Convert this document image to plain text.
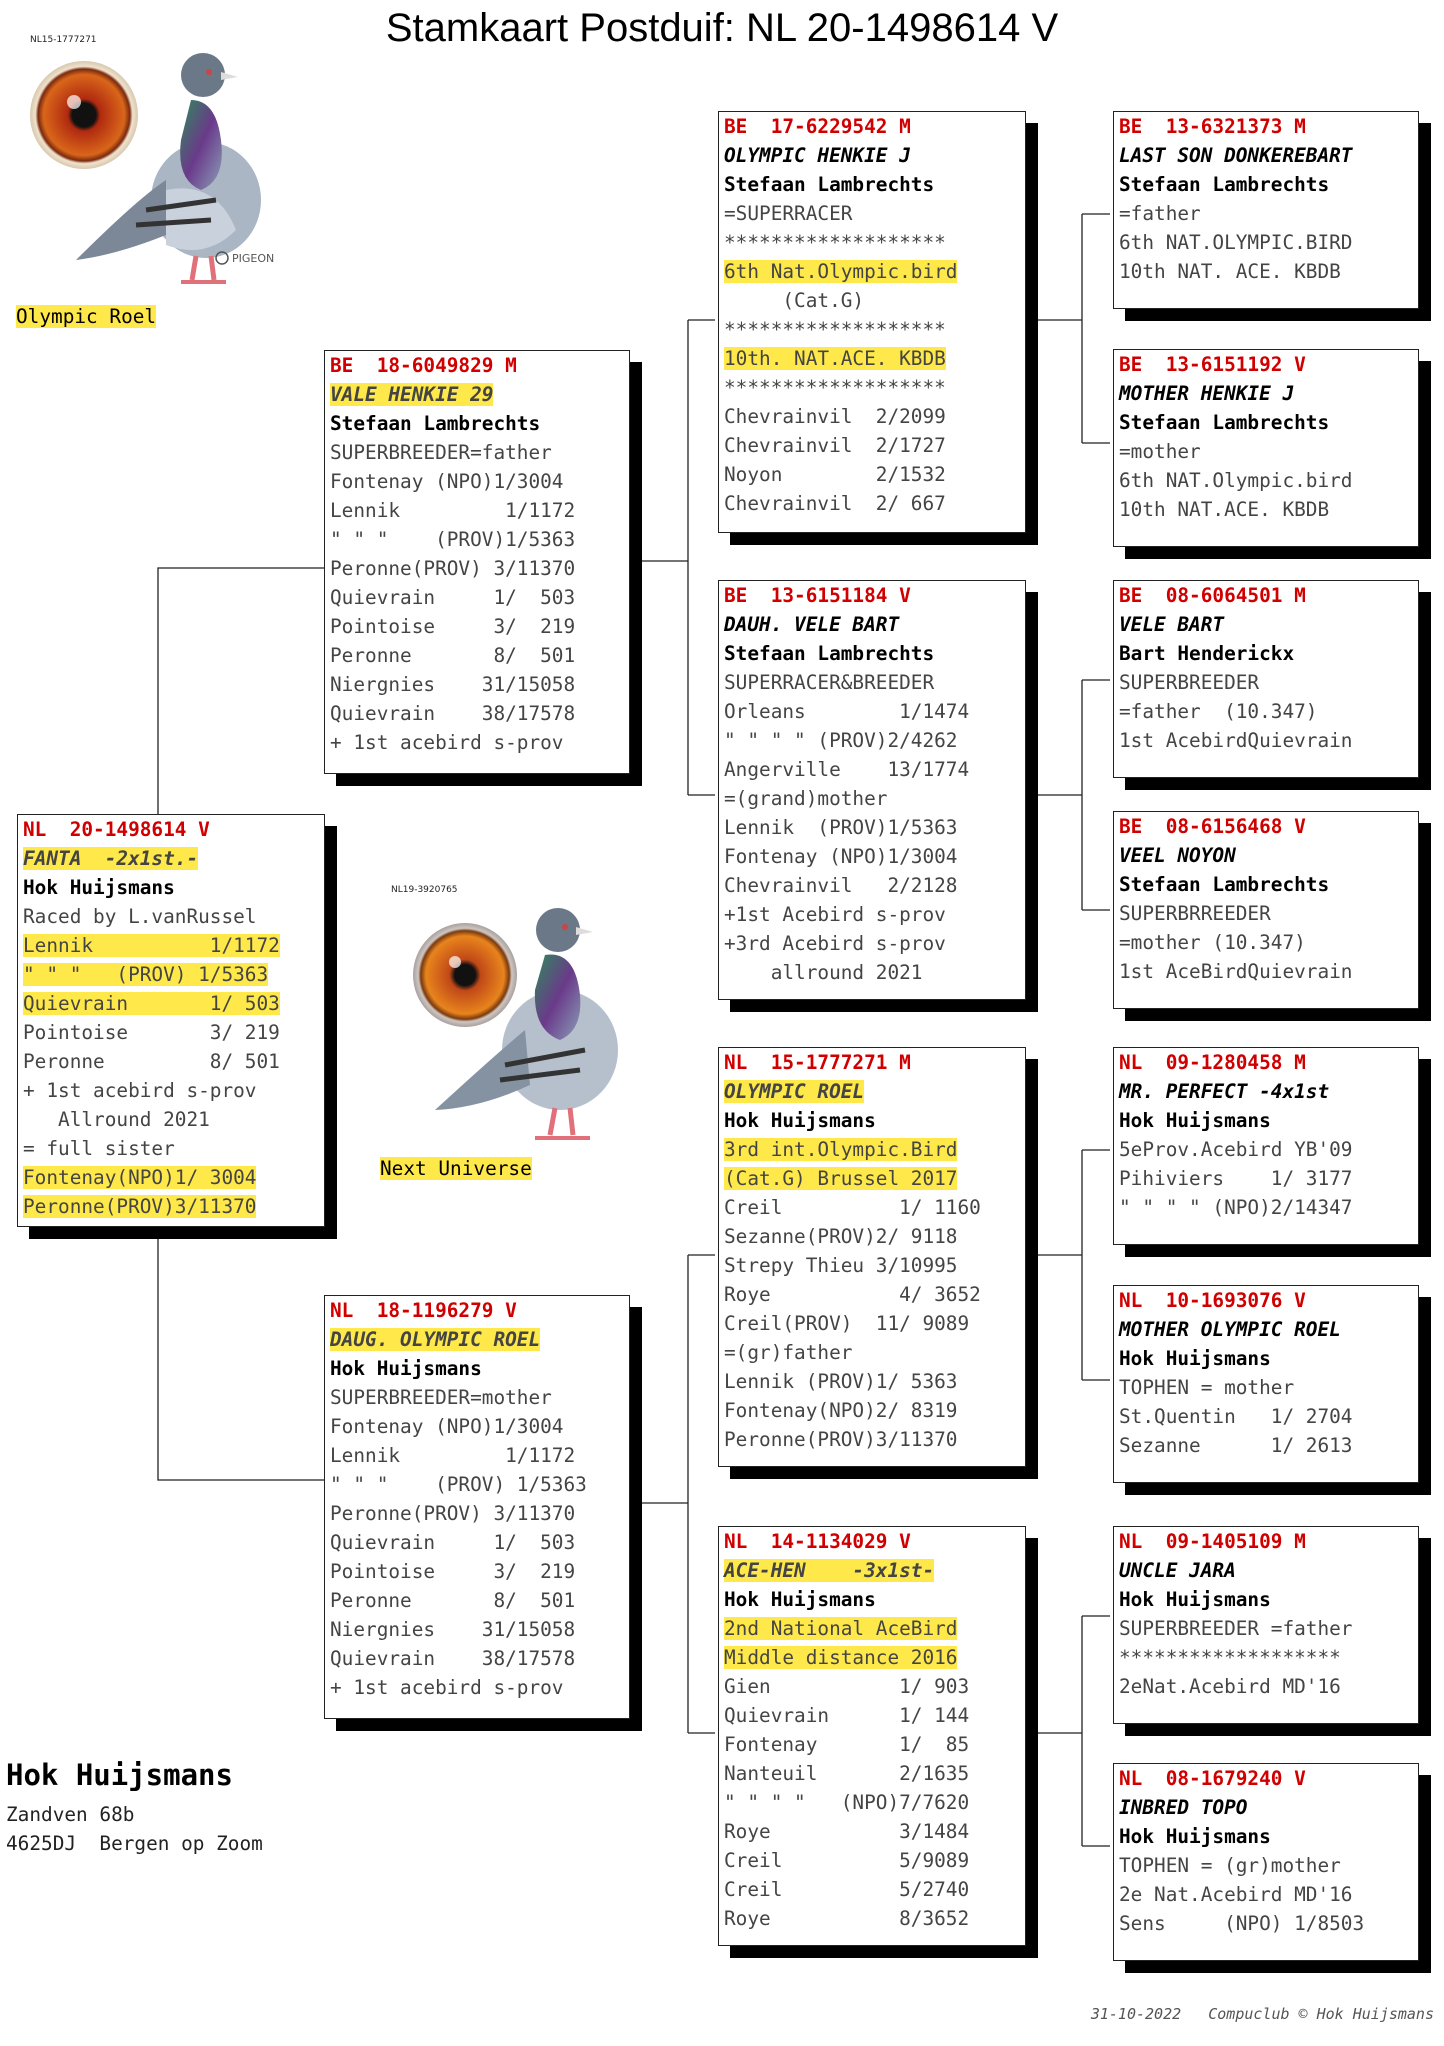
Stamkaart Postduif: NL 20-1498614 V
PIGEON
NL15-1777271
Olympic Roel
NL19-3920765
Next Universe
NL  20-1498614 V
FANTA  -2x1st.-
Hok Huijsmans
Raced by L.vanRussel
Lennik          1/1172
" " "   (PROV) 1/5363
Quievrain       1/ 503
Pointoise       3/ 219
Peronne         8/ 501
+ 1st acebird s-prov
Allround 2021
= full sister
Fontenay(NPO)1/ 3004
Peronne(PROV)3/11370
BE  18-6049829 M
VALE HENKIE 29
Stefaan Lambrechts
SUPERBREEDER=father
Fontenay (NPO)1/3004
Lennik         1/1172
" " "    (PROV)1/5363
Peronne(PROV) 3/11370
Quievrain     1/  503
Pointoise     3/  219
Peronne       8/  501
Niergnies    31/15058
Quievrain    38/17578
+ 1st acebird s-prov
NL  18-1196279 V
DAUG. OLYMPIC ROEL
Hok Huijsmans
SUPERBREEDER=mother
Fontenay (NPO)1/3004
Lennik         1/1172
" " "    (PROV) 1/5363
Peronne(PROV) 3/11370
Quievrain     1/  503
Pointoise     3/  219
Peronne       8/  501
Niergnies    31/15058
Quievrain    38/17578
+ 1st acebird s-prov
BE  17-6229542 M
OLYMPIC HENKIE J
Stefaan Lambrechts
=SUPERRACER
*******************
6th Nat.Olympic.bird
(Cat.G)
*******************
10th. NAT.ACE. KBDB
*******************
Chevrainvil  2/2099
Chevrainvil  2/1727
Noyon        2/1532
Chevrainvil  2/ 667
BE  13-6151184 V
DAUH. VELE BART
Stefaan Lambrechts
SUPERRACER&BREEDER
Orleans        1/1474
" " " " (PROV)2/4262
Angerville    13/1774
=(grand)mother
Lennik  (PROV)1/5363
Fontenay (NPO)1/3004
Chevrainvil   2/2128
+1st Acebird s-prov
+3rd Acebird s-prov
allround 2021
NL  15-1777271 M
OLYMPIC ROEL
Hok Huijsmans
3rd int.Olympic.Bird
(Cat.G) Brussel 2017
Creil          1/ 1160
Sezanne(PROV)2/ 9118
Strepy Thieu 3/10995
Roye           4/ 3652
Creil(PROV)  11/ 9089
=(gr)father
Lennik (PROV)1/ 5363
Fontenay(NPO)2/ 8319
Peronne(PROV)3/11370
NL  14-1134029 V
ACE-HEN    -3x1st-
Hok Huijsmans
2nd National AceBird
Middle distance 2016
Gien           1/ 903
Quievrain      1/ 144
Fontenay       1/  85
Nanteuil       2/1635
" " " "   (NPO)7/7620
Roye           3/1484
Creil          5/9089
Creil          5/2740
Roye           8/3652
BE  13-6321373 M
LAST SON DONKEREBART
Stefaan Lambrechts
=father
6th NAT.OLYMPIC.BIRD
10th NAT. ACE. KBDB
BE  13-6151192 V
MOTHER HENKIE J
Stefaan Lambrechts
=mother
6th NAT.Olympic.bird
10th NAT.ACE. KBDB
BE  08-6064501 M
VELE BART
Bart Henderickx
SUPERBREEDER
=father  (10.347)
1st AcebirdQuievrain
BE  08-6156468 V
VEEL NOYON
Stefaan Lambrechts
SUPERBRREEDER
=mother (10.347)
1st AceBirdQuievrain
NL  09-1280458 M
MR. PERFECT -4x1st
Hok Huijsmans
5eProv.Acebird YB'09
Pihiviers    1/ 3177
" " " " (NPO)2/14347
NL  10-1693076 V
MOTHER OLYMPIC ROEL
Hok Huijsmans
TOPHEN = mother
St.Quentin   1/ 2704
Sezanne      1/ 2613
NL  09-1405109 M
UNCLE JARA
Hok Huijsmans
SUPERBREEDER =father
*******************
2eNat.Acebird MD'16
NL  08-1679240 V
INBRED TOPO
Hok Huijsmans
TOPHEN = (gr)mother
2e Nat.Acebird MD'16
Sens     (NPO) 1/8503
Hok Huijsmans
Zandven 68b
4625DJ  Bergen op Zoom
31-10-2022   Compuclub © Hok Huijsmans
